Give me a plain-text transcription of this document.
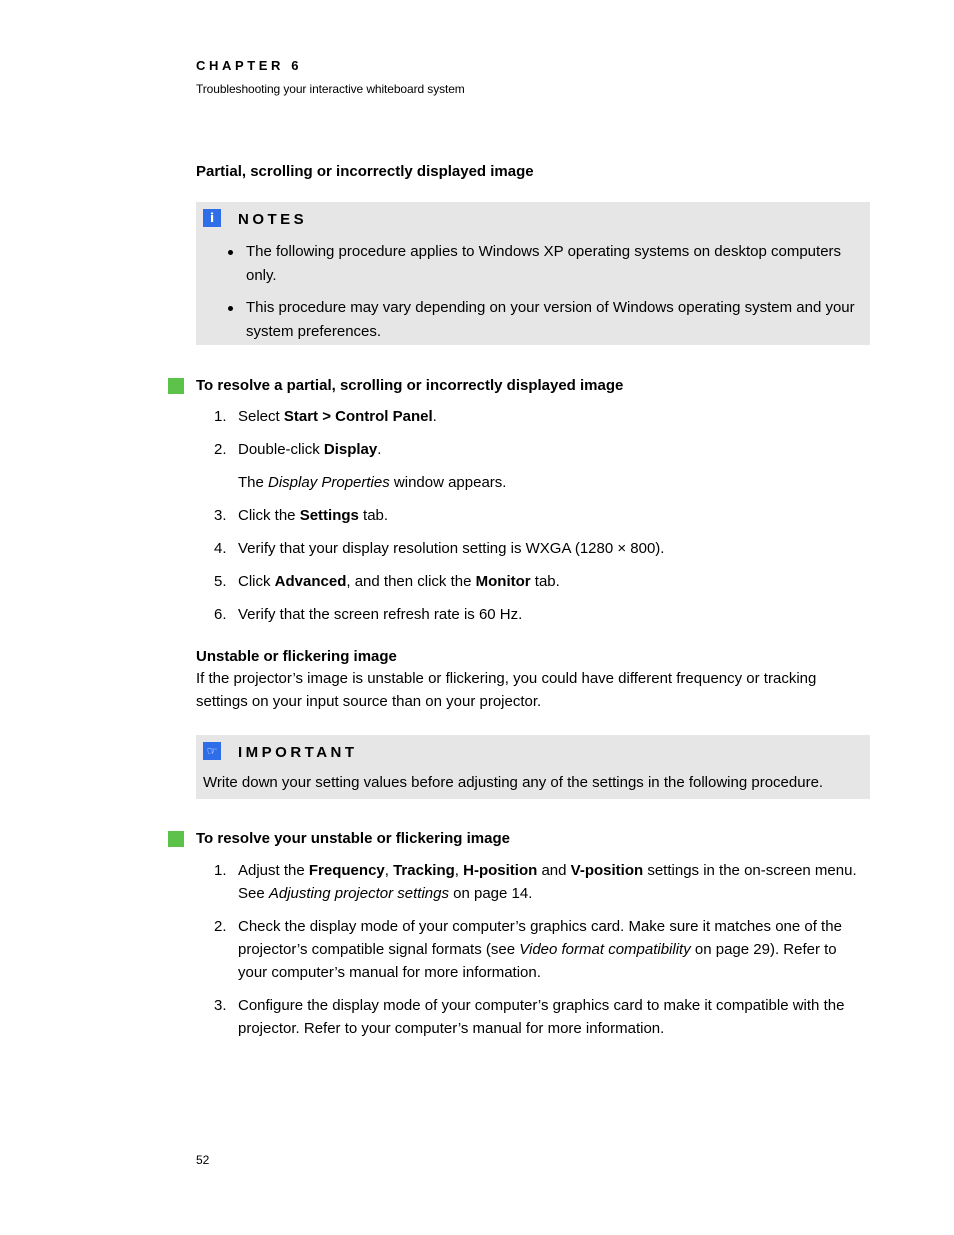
CHAPTER 6
Troubleshooting your interactive whiteboard system
Partial, scrolling or incorrectly displayed image
i	NOTES
The following procedure applies to Windows XP operating systems on desktop computers only.
This procedure may vary depending on your version of Windows operating system and your system preferences.
To resolve a partial, scrolling or incorrectly displayed image
1. Select Start > Control Panel.
2. Double-click Display.
The Display Properties window appears.
3. Click the Settings tab.
4. Verify that your display resolution setting is WXGA (1280 × 800).
5. Click Advanced, and then click the Monitor tab.
6. Verify that the screen refresh rate is 60 Hz.
Unstable or flickering image
If the projector’s image is unstable or flickering, you could have different frequency or tracking settings on your input source than on your projector.
☞ IMPORTANT
Write down your setting values before adjusting any of the settings in the following procedure.
To resolve your unstable or flickering image
1. Adjust the Frequency, Tracking, H-position and V-position settings in the on-screen menu. See Adjusting projector settings on page 14.
2. Check the display mode of your computer’s graphics card. Make sure it matches one of the projector’s compatible signal formats (see Video format compatibility on page 29). Refer to your computer’s manual for more information.
3. Configure the display mode of your computer’s graphics card to make it compatible with the projector. Refer to your computer’s manual for more information.
52
